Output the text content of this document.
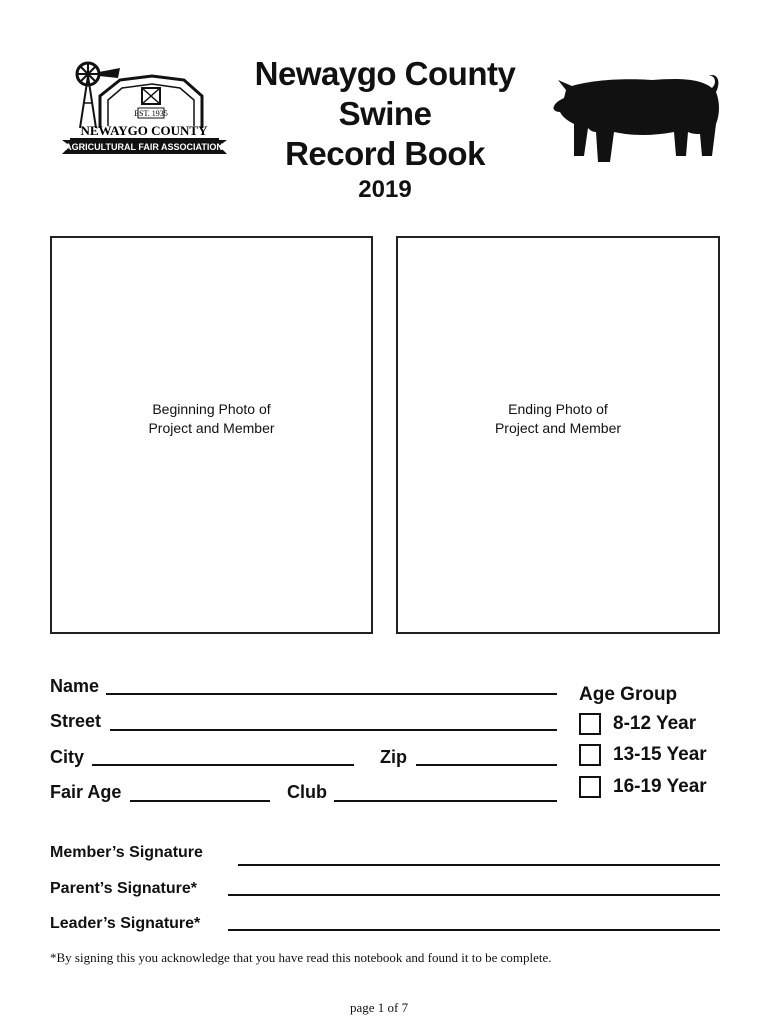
EST. 1935
NEWAYGO COUNTY
AGRICULTURAL FAIR ASSOCIATION
Newaygo County
Swine
Record Book
2019
Beginning Photo of
Project and Member
Ending Photo of
Project and Member
Name
Street
City	Zip
Fair Age	Club
Age Group
8-12 Year
13-15 Year
16-19 Year
Member’s Signature
Parent’s Signature*
Leader’s Signature*
*By signing this you acknowledge that you have read this notebook and found it to be complete.
page 1 of 7
